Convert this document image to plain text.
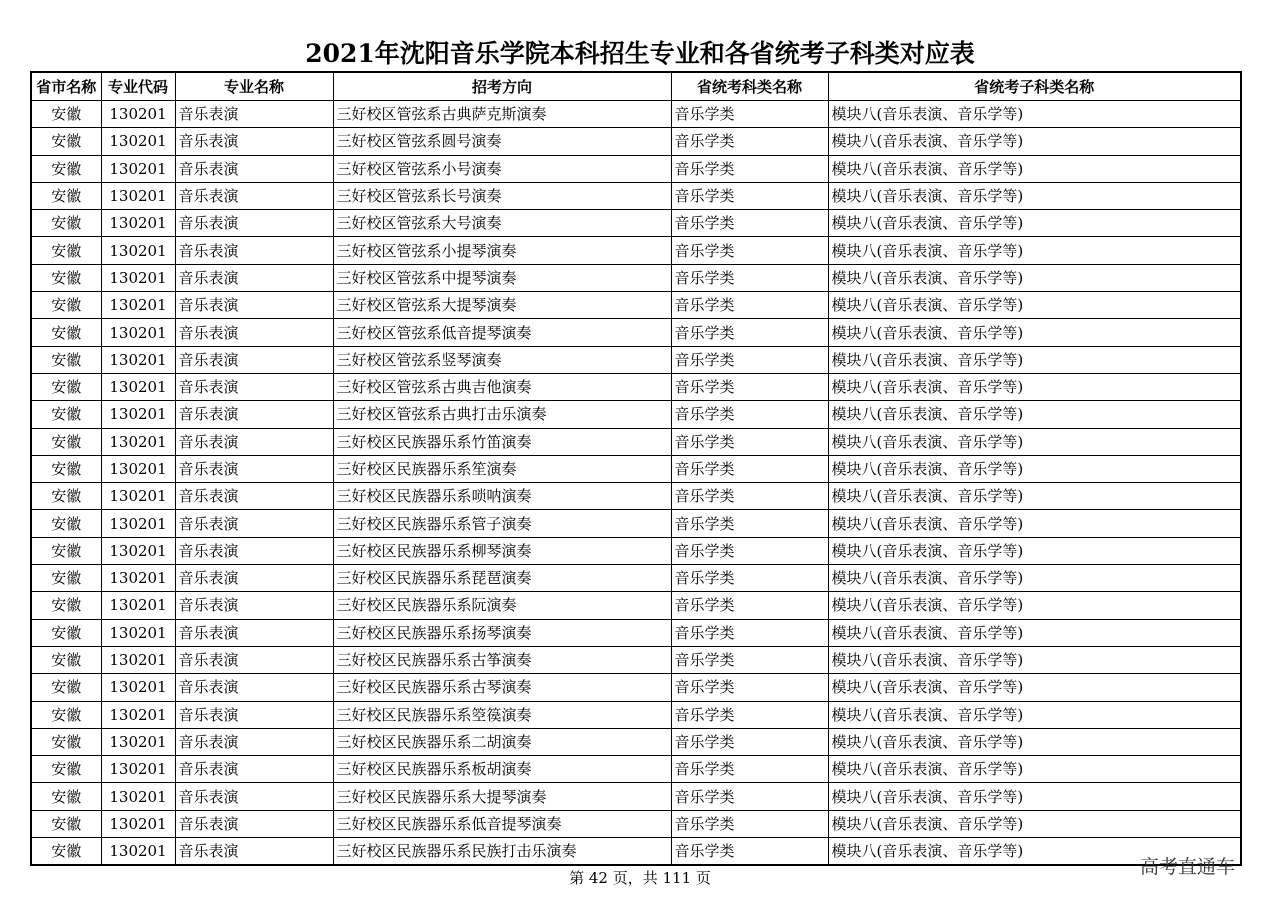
2021年沈阳音乐学院本科招生专业和各省统考子科类对应表
省市名称	专业代码	专业名称	招考方向	省统考科类名称	省统考子科类名称
安徽	130201	音乐表演	三好校区管弦系古典萨克斯演奏	音乐学类	模块八(音乐表演、音乐学等)
安徽	130201	音乐表演	三好校区管弦系圆号演奏	音乐学类	模块八(音乐表演、音乐学等)
安徽	130201	音乐表演	三好校区管弦系小号演奏	音乐学类	模块八(音乐表演、音乐学等)
安徽	130201	音乐表演	三好校区管弦系长号演奏	音乐学类	模块八(音乐表演、音乐学等)
安徽	130201	音乐表演	三好校区管弦系大号演奏	音乐学类	模块八(音乐表演、音乐学等)
安徽	130201	音乐表演	三好校区管弦系小提琴演奏	音乐学类	模块八(音乐表演、音乐学等)
安徽	130201	音乐表演	三好校区管弦系中提琴演奏	音乐学类	模块八(音乐表演、音乐学等)
安徽	130201	音乐表演	三好校区管弦系大提琴演奏	音乐学类	模块八(音乐表演、音乐学等)
安徽	130201	音乐表演	三好校区管弦系低音提琴演奏	音乐学类	模块八(音乐表演、音乐学等)
安徽	130201	音乐表演	三好校区管弦系竖琴演奏	音乐学类	模块八(音乐表演、音乐学等)
安徽	130201	音乐表演	三好校区管弦系古典吉他演奏	音乐学类	模块八(音乐表演、音乐学等)
安徽	130201	音乐表演	三好校区管弦系古典打击乐演奏	音乐学类	模块八(音乐表演、音乐学等)
安徽	130201	音乐表演	三好校区民族器乐系竹笛演奏	音乐学类	模块八(音乐表演、音乐学等)
安徽	130201	音乐表演	三好校区民族器乐系笙演奏	音乐学类	模块八(音乐表演、音乐学等)
安徽	130201	音乐表演	三好校区民族器乐系唢呐演奏	音乐学类	模块八(音乐表演、音乐学等)
安徽	130201	音乐表演	三好校区民族器乐系管子演奏	音乐学类	模块八(音乐表演、音乐学等)
安徽	130201	音乐表演	三好校区民族器乐系柳琴演奏	音乐学类	模块八(音乐表演、音乐学等)
安徽	130201	音乐表演	三好校区民族器乐系琵琶演奏	音乐学类	模块八(音乐表演、音乐学等)
安徽	130201	音乐表演	三好校区民族器乐系阮演奏	音乐学类	模块八(音乐表演、音乐学等)
安徽	130201	音乐表演	三好校区民族器乐系扬琴演奏	音乐学类	模块八(音乐表演、音乐学等)
安徽	130201	音乐表演	三好校区民族器乐系古筝演奏	音乐学类	模块八(音乐表演、音乐学等)
安徽	130201	音乐表演	三好校区民族器乐系古琴演奏	音乐学类	模块八(音乐表演、音乐学等)
安徽	130201	音乐表演	三好校区民族器乐系箜篌演奏	音乐学类	模块八(音乐表演、音乐学等)
安徽	130201	音乐表演	三好校区民族器乐系二胡演奏	音乐学类	模块八(音乐表演、音乐学等)
安徽	130201	音乐表演	三好校区民族器乐系板胡演奏	音乐学类	模块八(音乐表演、音乐学等)
安徽	130201	音乐表演	三好校区民族器乐系大提琴演奏	音乐学类	模块八(音乐表演、音乐学等)
安徽	130201	音乐表演	三好校区民族器乐系低音提琴演奏	音乐学类	模块八(音乐表演、音乐学等)
安徽	130201	音乐表演	三好校区民族器乐系民族打击乐演奏	音乐学类	模块八(音乐表演、音乐学等)
第 42 页，共 111 页	高考直通车
